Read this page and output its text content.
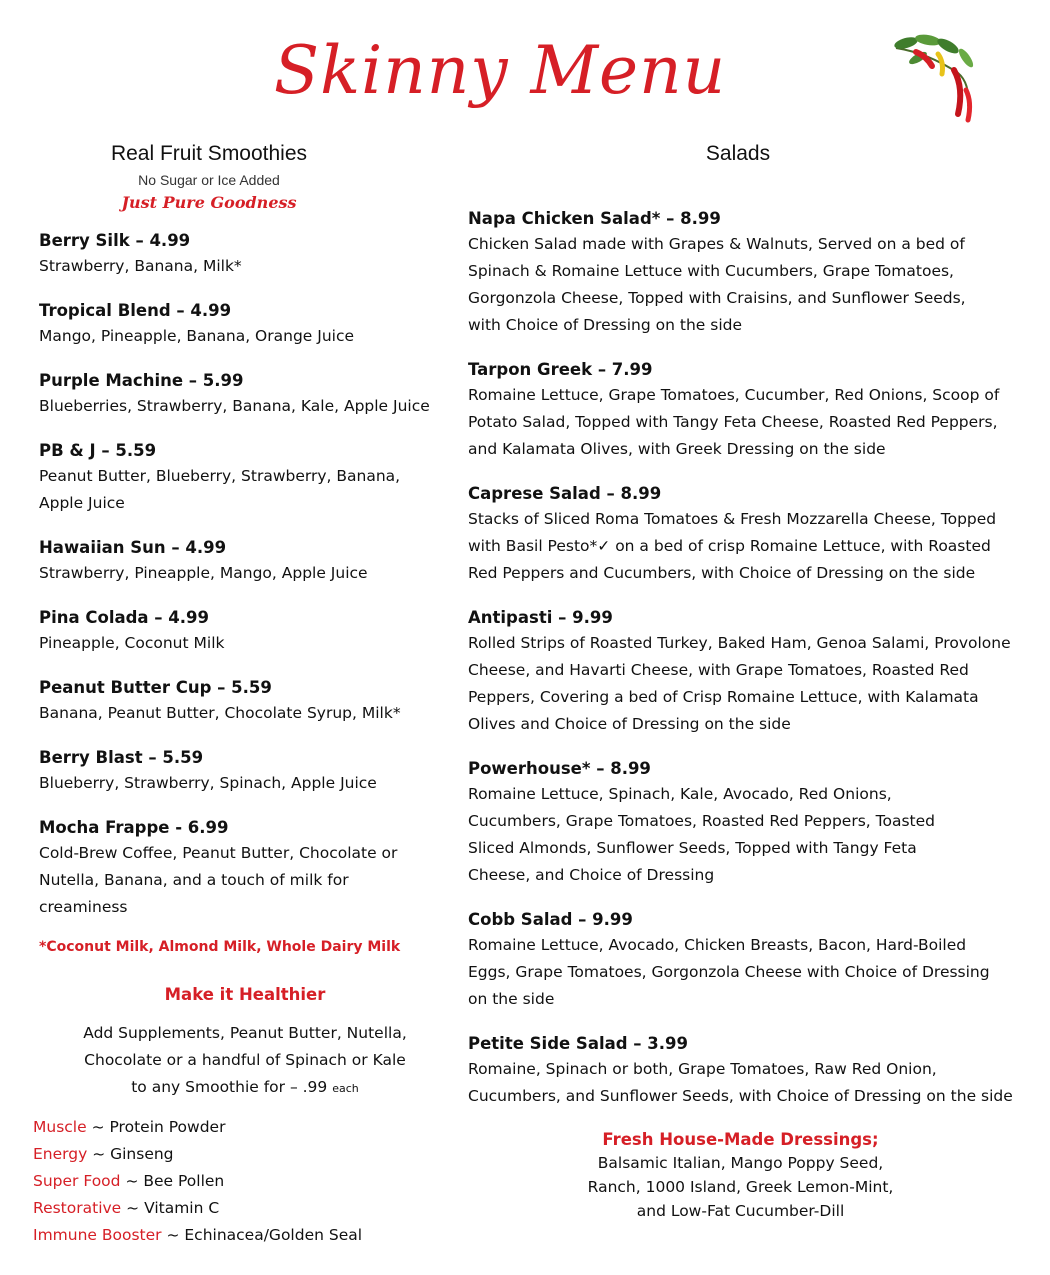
Skinny Menu
Real Fruit Smoothies
No Sugar or Ice Added
Just Pure Goodness
Berry Silk – 4.99
Strawberry, Banana, Milk*
Tropical Blend – 4.99
Mango, Pineapple, Banana, Orange Juice
Purple Machine – 5.99
Blueberries, Strawberry, Banana, Kale, Apple Juice
PB & J – 5.59
Peanut Butter, Blueberry, Strawberry, Banana, Apple Juice
Hawaiian Sun – 4.99
Strawberry, Pineapple, Mango, Apple Juice
Pina Colada – 4.99
Pineapple, Coconut Milk
Peanut Butter Cup – 5.59
Banana, Peanut Butter, Chocolate Syrup, Milk*
Berry Blast – 5.59
Blueberry, Strawberry, Spinach, Apple Juice
Mocha Frappe - 6.99
Cold-Brew Coffee, Peanut Butter, Chocolate or Nutella, Banana, and a touch of milk for creaminess
*Coconut Milk, Almond Milk, Whole Dairy Milk
Make it Healthier
Add Supplements, Peanut Butter, Nutella,
Chocolate or a handful of Spinach or Kale
to any Smoothie for – .99 each
Muscle ~ Protein Powder
Energy ~ Ginseng
Super Food ~ Bee Pollen
Restorative ~ Vitamin C
Immune Booster ~ Echinacea/Golden Seal
Salads
Napa Chicken Salad* – 8.99
Chicken Salad made with Grapes & Walnuts, Served on a bed of Spinach & Romaine Lettuce with Cucumbers, Grape Tomatoes, Gorgonzola Cheese, Topped with Craisins, and Sunflower Seeds, with Choice of Dressing on the side
Tarpon Greek – 7.99
Romaine Lettuce, Grape Tomatoes, Cucumber, Red Onions, Scoop of Potato Salad, Topped with Tangy Feta Cheese, Roasted Red Peppers, and Kalamata Olives, with Greek Dressing on the side
Caprese Salad – 8.99
Stacks of Sliced Roma Tomatoes & Fresh Mozzarella Cheese, Topped with Basil Pesto*✓ on a bed of crisp Romaine Lettuce, with Roasted Red Peppers and Cucumbers, with Choice of Dressing on the side
Antipasti – 9.99
Rolled Strips of Roasted Turkey, Baked Ham, Genoa Salami, Provolone Cheese, and Havarti Cheese, with Grape Tomatoes, Roasted Red Peppers, Covering a bed of Crisp Romaine Lettuce, with Kalamata Olives and Choice of Dressing on the side
Powerhouse* – 8.99
Romaine Lettuce, Spinach, Kale, Avocado, Red Onions, Cucumbers, Grape Tomatoes, Roasted Red Peppers, Toasted Sliced Almonds, Sunflower Seeds, Topped with Tangy Feta Cheese, and Choice of Dressing
Cobb Salad – 9.99
Romaine Lettuce, Avocado, Chicken Breasts, Bacon, Hard-Boiled Eggs, Grape Tomatoes, Gorgonzola Cheese with Choice of Dressing on the side
Petite Side Salad – 3.99
Romaine, Spinach or both, Grape Tomatoes, Raw Red Onion, Cucumbers, and Sunflower Seeds, with Choice of Dressing on the side
Fresh House-Made Dressings;
Balsamic Italian, Mango Poppy Seed,
Ranch, 1000 Island, Greek Lemon-Mint,
and Low-Fat Cucumber-Dill
